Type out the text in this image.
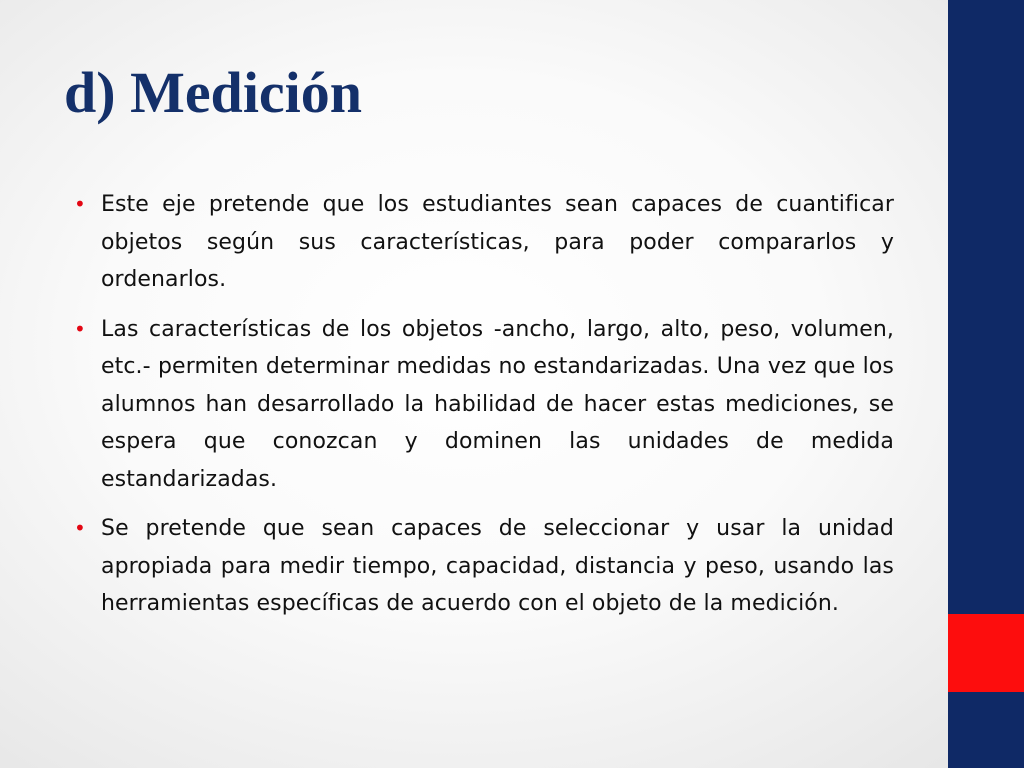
d) Medición
• Este eje pretende que los estudiantes sean capaces de cuantificar objetos según sus características, para poder compararlos y ordenarlos.
• Las características de los objetos -ancho, largo, alto, peso, volumen, etc.- permiten determinar medidas no estandarizadas. Una vez que los alumnos han desarrollado la habilidad de hacer estas mediciones, se espera que conozcan y dominen las unidades de medida estandarizadas.
• Se pretende que sean capaces de seleccionar y usar la unidad apropiada para medir tiempo, capacidad, distancia y peso, usando las herramientas específicas de acuerdo con el objeto de la medición.
